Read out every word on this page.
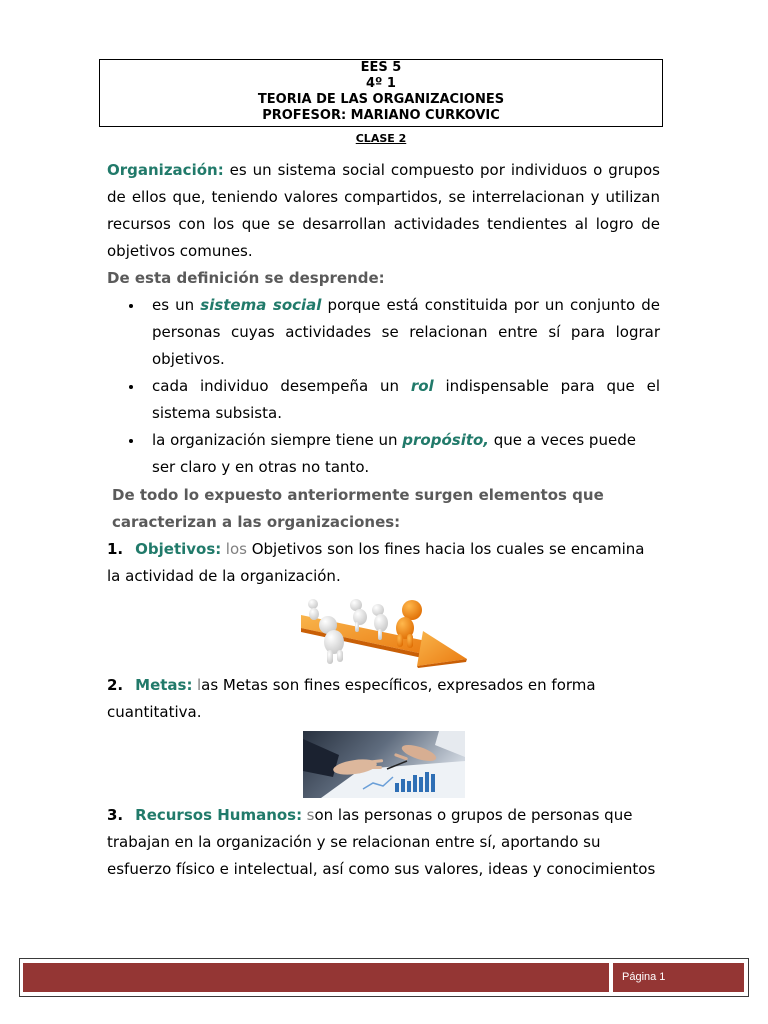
EES 5
4º 1
TEORIA DE LAS ORGANIZACIONES
PROFESOR: MARIANO CURKOVIC
CLASE 2

Organización: es un sistema social compuesto por individuos o grupos de ellos que, teniendo valores compartidos, se interrelacionan y utilizan recursos con los que se desarrollan actividades tendientes al logro de objetivos comunes.

De esta definición se desprende:

es un sistema social porque está constituida por un conjunto de personas cuyas actividades se relacionan entre sí para lograr objetivos.
cada individuo desempeña un rol indispensable para que el sistema subsista.
la organización siempre tiene un propósito, que a veces puede ser claro y en otras no tanto.

De todo lo expuesto anteriormente surgen elementos que caracterizan a las organizaciones:

1. Objetivos: los Objetivos son los fines hacia los cuales se encamina la actividad de la organización.

2. Metas: las Metas son fines específicos, expresados en forma cuantitativa.

3. Recursos Humanos: son las personas o grupos de personas que trabajan en la organización y se relacionan entre sí, aportando su esfuerzo físico e intelectual, así como sus valores, ideas y conocimientos

Página 1
